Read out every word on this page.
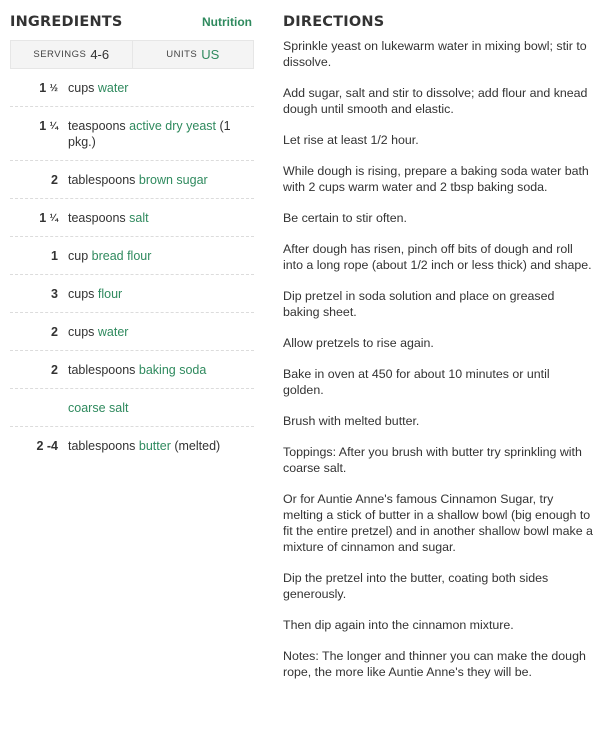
INGREDIENTS	Nutrition
SERVINGS 4-6	UNITS US
1 ½ cups water
1 ¼ teaspoons active dry yeast (1 pkg.)
2 tablespoons brown sugar
1 ¼ teaspoons salt
1 cup bread flour
3 cups flour
2 cups water
2 tablespoons baking soda
coarse salt
2 -4 tablespoons butter (melted)
DIRECTIONS
Sprinkle yeast on lukewarm water in mixing bowl; stir to dissolve.
Add sugar, salt and stir to dissolve; add flour and knead dough until smooth and elastic.
Let rise at least 1/2 hour.
While dough is rising, prepare a baking soda water bath with 2 cups warm water and 2 tbsp baking soda.
Be certain to stir often.
After dough has risen, pinch off bits of dough and roll into a long rope (about 1/2 inch or less thick) and shape.
Dip pretzel in soda solution and place on greased baking sheet.
Allow pretzels to rise again.
Bake in oven at 450 for about 10 minutes or until golden.
Brush with melted butter.
Toppings: After you brush with butter try sprinkling with coarse salt.
Or for Auntie Anne's famous Cinnamon Sugar, try melting a stick of butter in a shallow bowl (big enough to fit the entire pretzel) and in another shallow bowl make a mixture of cinnamon and sugar.
Dip the pretzel into the butter, coating both sides generously.
Then dip again into the cinnamon mixture.
Notes: The longer and thinner you can make the dough rope, the more like Auntie Anne's they will be.
